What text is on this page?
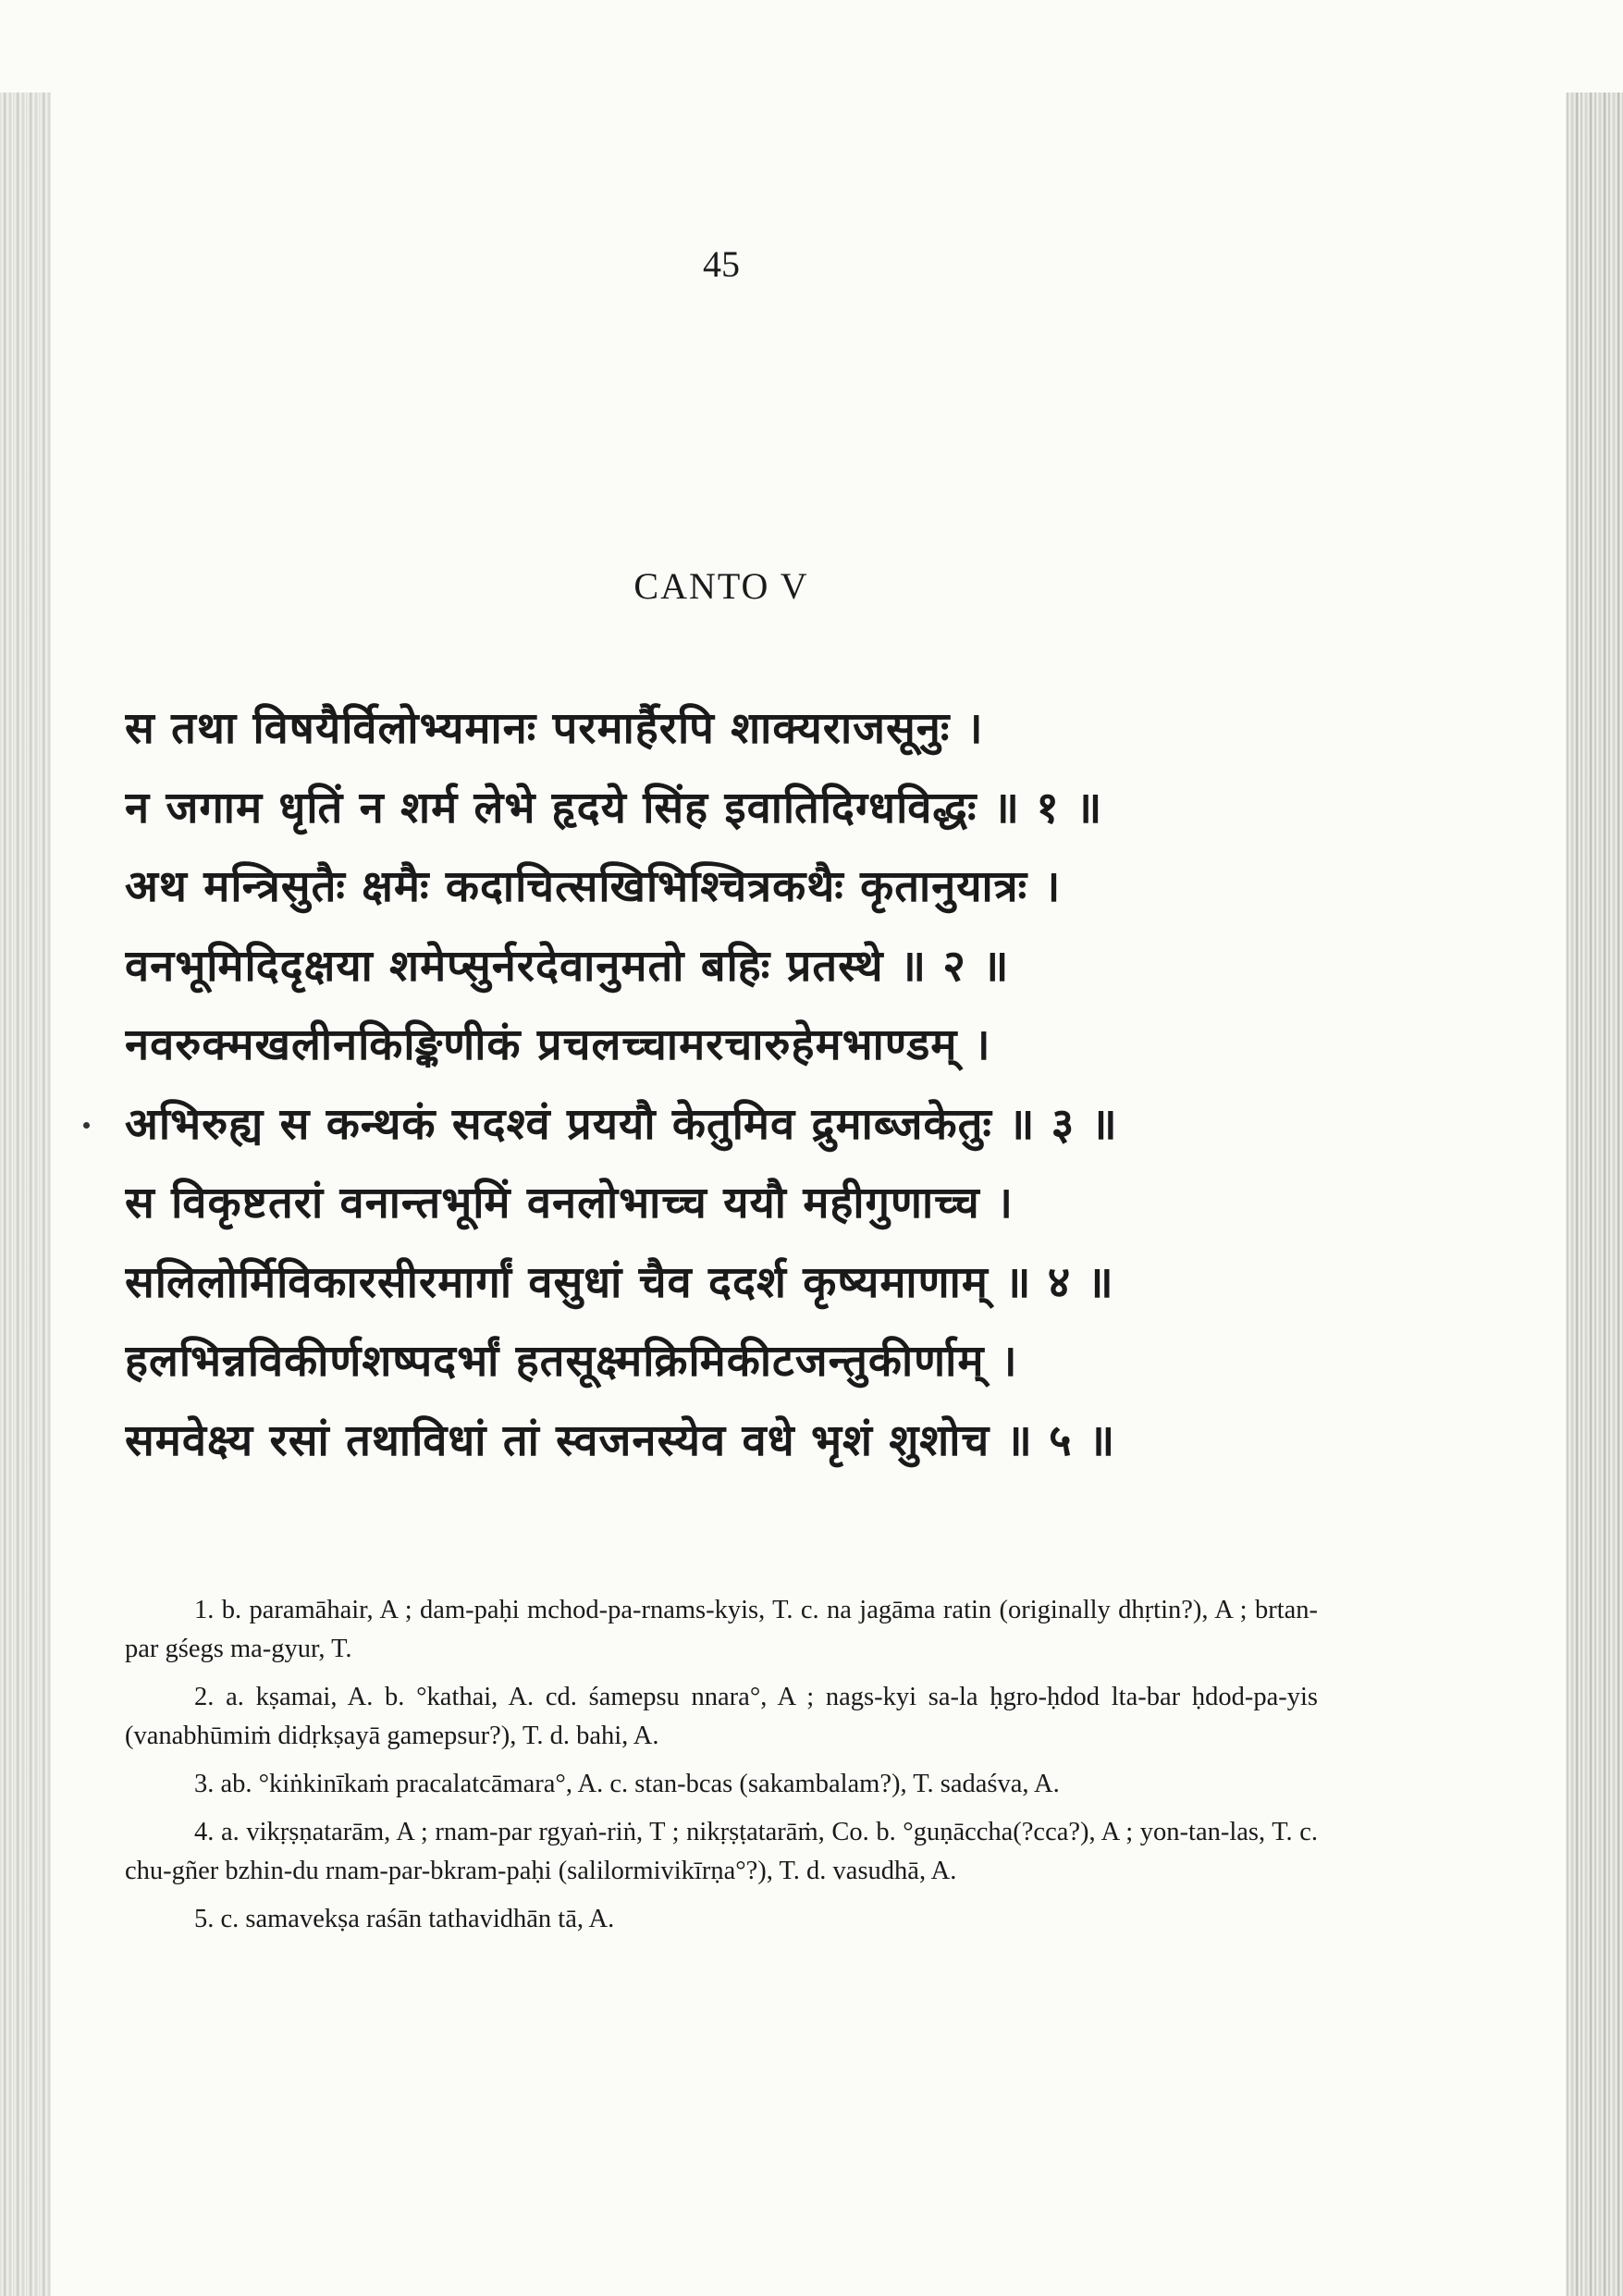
45
CANTO V
स तथा विषयैर्विलोभ्यमानः परमार्हैरपि शाक्यराजसूनुः ।
न जगाम धृतिं न शर्म लेभे हृदये सिंह इवातिदिग्धविद्धः ॥ १ ॥
अथ मन्त्रिसुतैः क्षमैः कदाचित्सखिभिश्चित्रकथैः कृतानुयात्रः ।
वनभूमिदिदृक्षया शमेप्सुर्नरदेवानुमतो बहिः प्रतस्थे ॥ २ ॥
नवरुक्मखलीनकिङ्किणीकं प्रचलच्चामरचारुहेमभाण्डम् ।
अभिरुह्य स कन्थकं सदश्वं प्रययौ केतुमिव द्रुमाब्जकेतुः ॥ ३ ॥
स विकृष्टतरां वनान्तभूमिं वनलोभाच्च ययौ महीगुणाच्च ।
सलिलोर्मिविकारसीरमार्गां वसुधां चैव ददर्श कृष्यमाणाम् ॥ ४ ॥
हलभिन्नविकीर्णशष्पदर्भां हतसूक्ष्मक्रिमिकीटजन्तुकीर्णाम् ।
समवेक्ष्य रसां तथाविधां तां स्वजनस्येव वधे भृशं शुशोच ॥ ५ ॥

1. b. paramāhair, A ; dam-paḥi mchod-pa-rnams-kyis, T. c. na jagāma ratin (originally dhṛtin?), A ; brtan-par gśegs ma-gyur, T.

2. a. kṣamai, A. b. °kathai, A. cd. śamepsu nnara°, A ; nags-kyi sa-la ḥgro-ḥdod lta-bar ḥdod-pa-yis (vanabhūmiṁ didṛkṣayā gamepsur?), T. d. bahi, A.

3. ab. °kiṅkinīkaṁ pracalatcāmara°, A. c. stan-bcas (sakambalam?), T. sadaśva, A.

4. a. vikṛṣṇatarām, A ; rnam-par rgyaṅ-riṅ, T ; nikṛṣṭatarāṁ, Co. b. °guṇāccha(?cca?), A ; yon-tan-las, T. c. chu-gñer bzhin-du rnam-par-bkram-paḥi (salilormivikīrṇa°?), T. d. vasudhā, A.

5. c. samavekṣa raśān tathavidhān tā, A.
